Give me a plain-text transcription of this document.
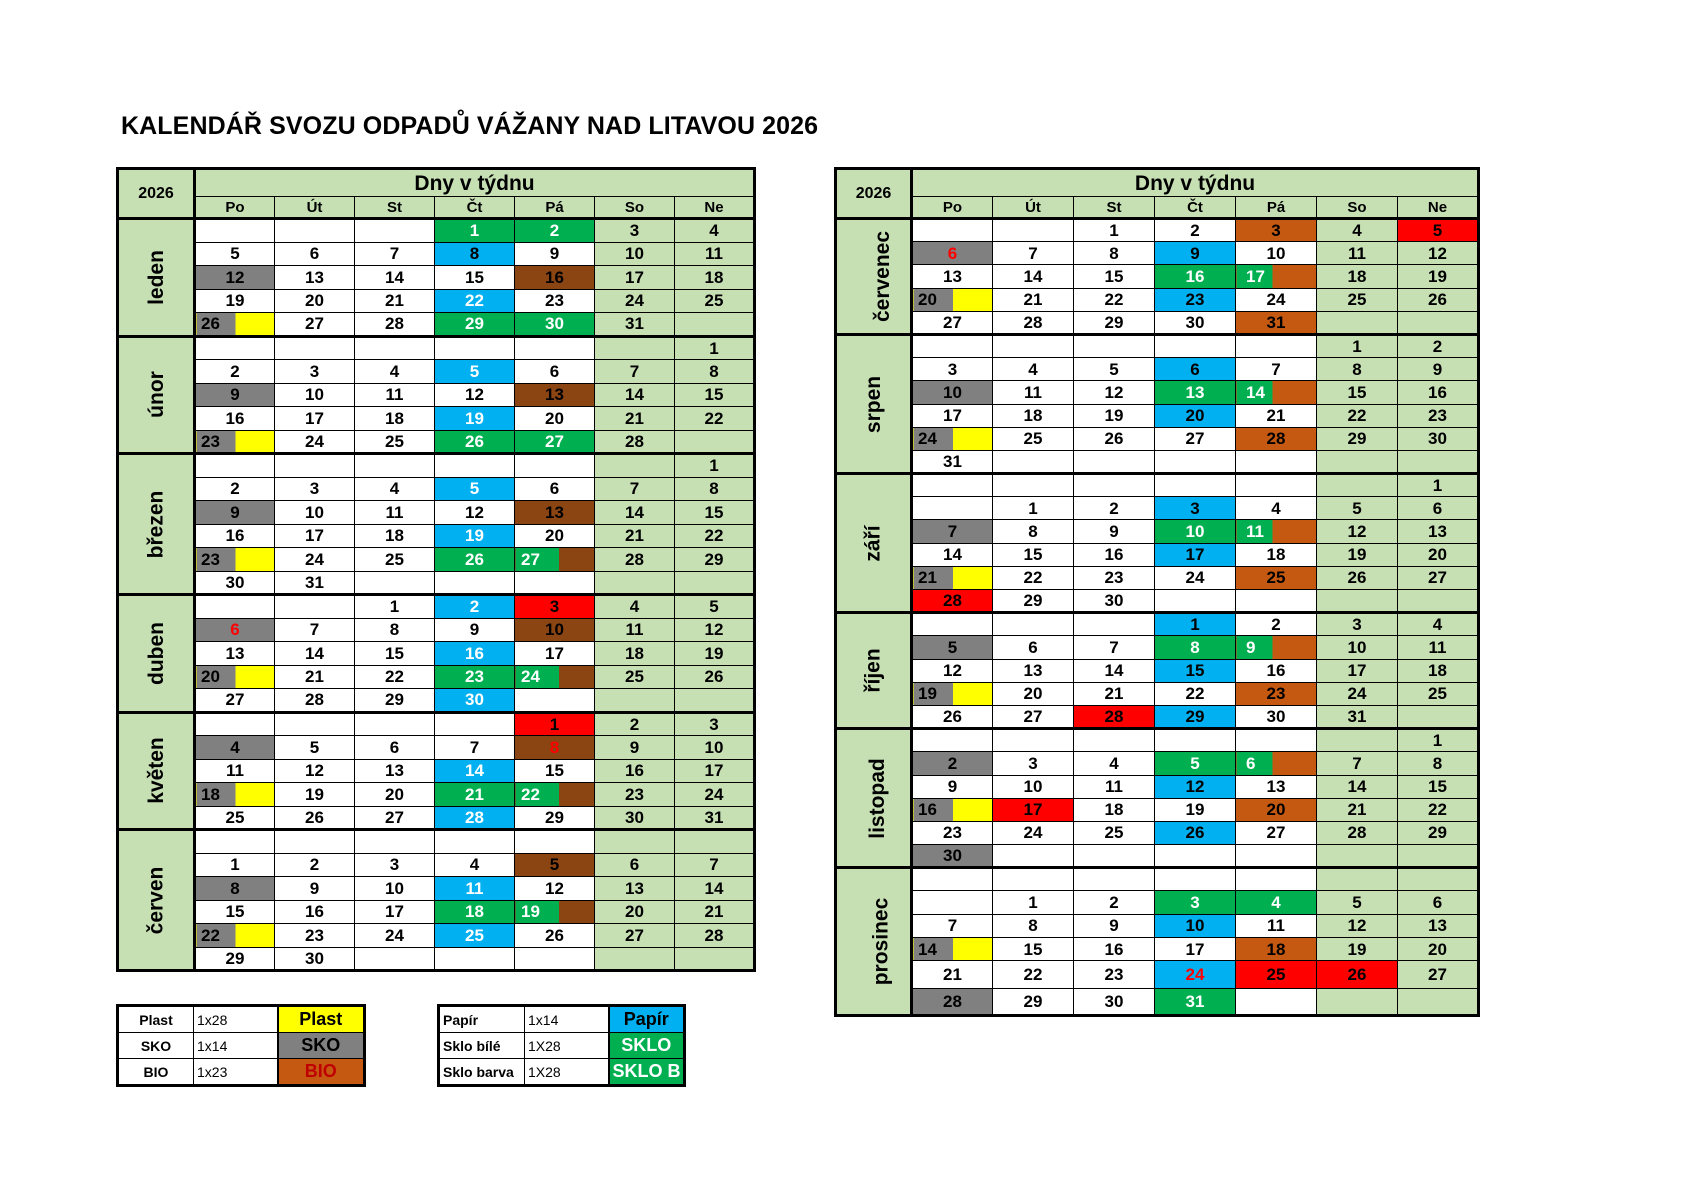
KALENDÁŘ SVOZU ODPADŮ VÁŽANY NAD LITAVOU 2026
2026	Dny v týdnu						
	Po	Út	St	Čt	Pá	So	Ne
leden				1	2	3	4
	5	6	7	8	9	10	11
	12	13	14	15	16	17	18
	19	20	21	22	23	24	25
	26	27	28	29	30	31	
únor							1
	2	3	4	5	6	7	8
	9	10	11	12	13	14	15
	16	17	18	19	20	21	22
	23	24	25	26	27	28	
březen							1
	2	3	4	5	6	7	8
	9	10	11	12	13	14	15
	16	17	18	19	20	21	22
	23	24	25	26	27	28	29
	30	31					
duben			1	2	3	4	5
	6	7	8	9	10	11	12
	13	14	15	16	17	18	19
	20	21	22	23	24	25	26
	27	28	29	30			
květen					1	2	3
	4	5	6	7	8	9	10
	11	12	13	14	15	16	17
	18	19	20	21	22	23	24
	25	26	27	28	29	30	31
červen							
	1	2	3	4	5	6	7
	8	9	10	11	12	13	14
	15	16	17	18	19	20	21
	22	23	24	25	26	27	28
	29	30					
2026	Dny v týdnu						
	Po	Út	St	Čt	Pá	So	Ne
červenec			1	2	3	4	5
	6	7	8	9	10	11	12
	13	14	15	16	17	18	19
	20	21	22	23	24	25	26
	27	28	29	30	31		
srpen						1	2
	3	4	5	6	7	8	9
	10	11	12	13	14	15	16
	17	18	19	20	21	22	23
	24	25	26	27	28	29	30
	31						
září							1
		1	2	3	4	5	6
	7	8	9	10	11	12	13
	14	15	16	17	18	19	20
	21	22	23	24	25	26	27
	28	29	30				
říjen				1	2	3	4
	5	6	7	8	9	10	11
	12	13	14	15	16	17	18
	19	20	21	22	23	24	25
	26	27	28	29	30	31	
listopad							1
	2	3	4	5	6	7	8
	9	10	11	12	13	14	15
	16	17	18	19	20	21	22
	23	24	25	26	27	28	29
	30						
prosinec							
		1	2	3	4	5	6
	7	8	9	10	11	12	13
	14	15	16	17	18	19	20
	21	22	23	24	25	26	27
	28	29	30	31			
Plast	1x28	Plast
SKO	1x14	SKO
BIO	1x23	BIO
Papír	1x14	Papír
Sklo bílé	1X28	SKLO
Sklo barva	1X28	SKLO B
